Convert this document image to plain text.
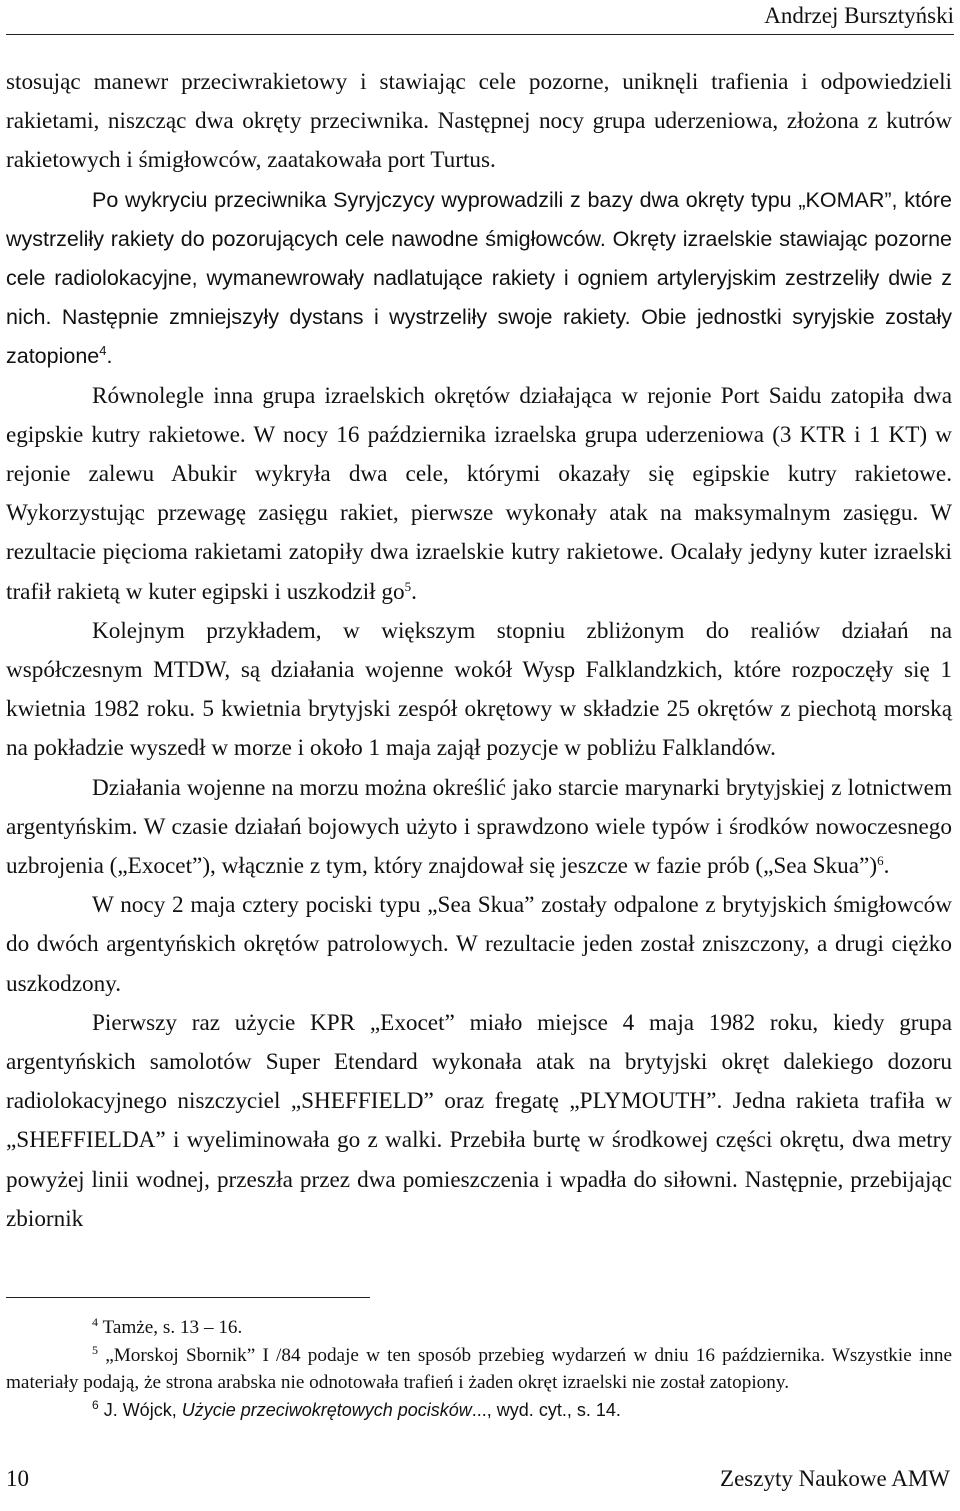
Andrzej Bursztyński

stosując manewr przeciwrakietowy i stawiając cele pozorne, uniknęli trafienia i odpowiedzieli rakietami, niszcząc dwa okręty przeciwnika. Następnej nocy grupa uderzeniowa, złożona z kutrów rakietowych i śmigłowców, zaatakowała port Turtus.

Po wykryciu przeciwnika Syryjczycy wyprowadzili z bazy dwa okręty typu „KOMAR”, które wystrzeliły rakiety do pozorujących cele nawodne śmigłowców. Okręty izraelskie stawiając pozorne cele radiolokacyjne, wymanewrowały nadlatujące rakiety i ogniem artyleryjskim zestrzeliły dwie z nich. Następnie zmniejszyły dystans i wystrzeliły swoje rakiety. Obie jednostki syryjskie zostały zatopione$^4$.

Równolegle inna grupa izraelskich okrętów działająca w rejonie Port Saidu zatopiła dwa egipskie kutry rakietowe. W nocy 16 października izraelska grupa uderzeniowa (3 KTR i 1 KT) w rejonie zalewu Abukir wykryła dwa cele, którymi okazały się egipskie kutry rakietowe. Wykorzystując przewagę zasięgu rakiet, pierwsze wykonały atak na maksymalnym zasięgu. W rezultacie pięcioma rakietami zatopiły dwa izraelskie kutry rakietowe. Ocalały jedyny kuter izraelski trafił rakietą w kuter egipski i uszkodził $go^5$.

Kolejnym przykładem, w większym stopniu zbliżonym do realiów działań na współczesnym MTDW, są działania wojenne wokół Wysp Falklandzkich, które rozpoczęły się 1 kwietnia 1982 roku. 5 kwietnia brytyjski zespół okrętowy w składzie 25 okrętów z piechotą morską na pokładzie wyszedł w morze i około 1 maja zajął pozycje w pobliżu Falklandów.

Działania wojenne na morzu można określić jako starcie marynarki brytyjskiej z lotnictwem argentyńskim. W czasie działań bojowych użyto i sprawdzono wiele typów i środków nowoczesnego uzbrojenia („Exocet”), włącznie z tym, który znajdował się jeszcze w fazie prób („Sea Skua”)$^6$.

W nocy 2 maja cztery pociski typu „Sea Skua” zostały odpalone z brytyjskich śmigłowców do dwóch argentyńskich okrętów patrolowych. W rezultacie jeden został zniszczony, a drugi ciężko uszkodzony.

Pierwszy raz użycie KPR „Exocet” miało miejsce 4 maja 1982 roku, kiedy grupa argentyńskich samolotów Super Etendard wykonała atak na brytyjski okręt dalekiego dozoru radiolokacyjnego niszczyciel „SHEFFIELD” oraz fregatę „PLYMOUTH”. Jedna rakieta trafiła w „SHEFFIELDA” i wyeliminowała go z walki. Przebiła burtę w środkowej części okrętu, dwa metry powyżej linii wodnej, przeszła przez dwa pomieszczenia i wpadła do siłowni. Następnie, przebijając zbiornik

$^4$ Tamże, s. 13 – 16.

$^5$ „Morskoj Sbornik” I /84 podaje w ten sposób przebieg wydarzeń w dniu 16 października. Wszystkie inne materiały podają, że strona arabska nie odnotowała trafień i żaden okręt izraelski nie został zatopiony.

$^6$ J. Wójck, Użycie przeciwokrętowych pocisków..., wyd. cyt., s. 14.

10	Zeszyty Naukowe AMW
